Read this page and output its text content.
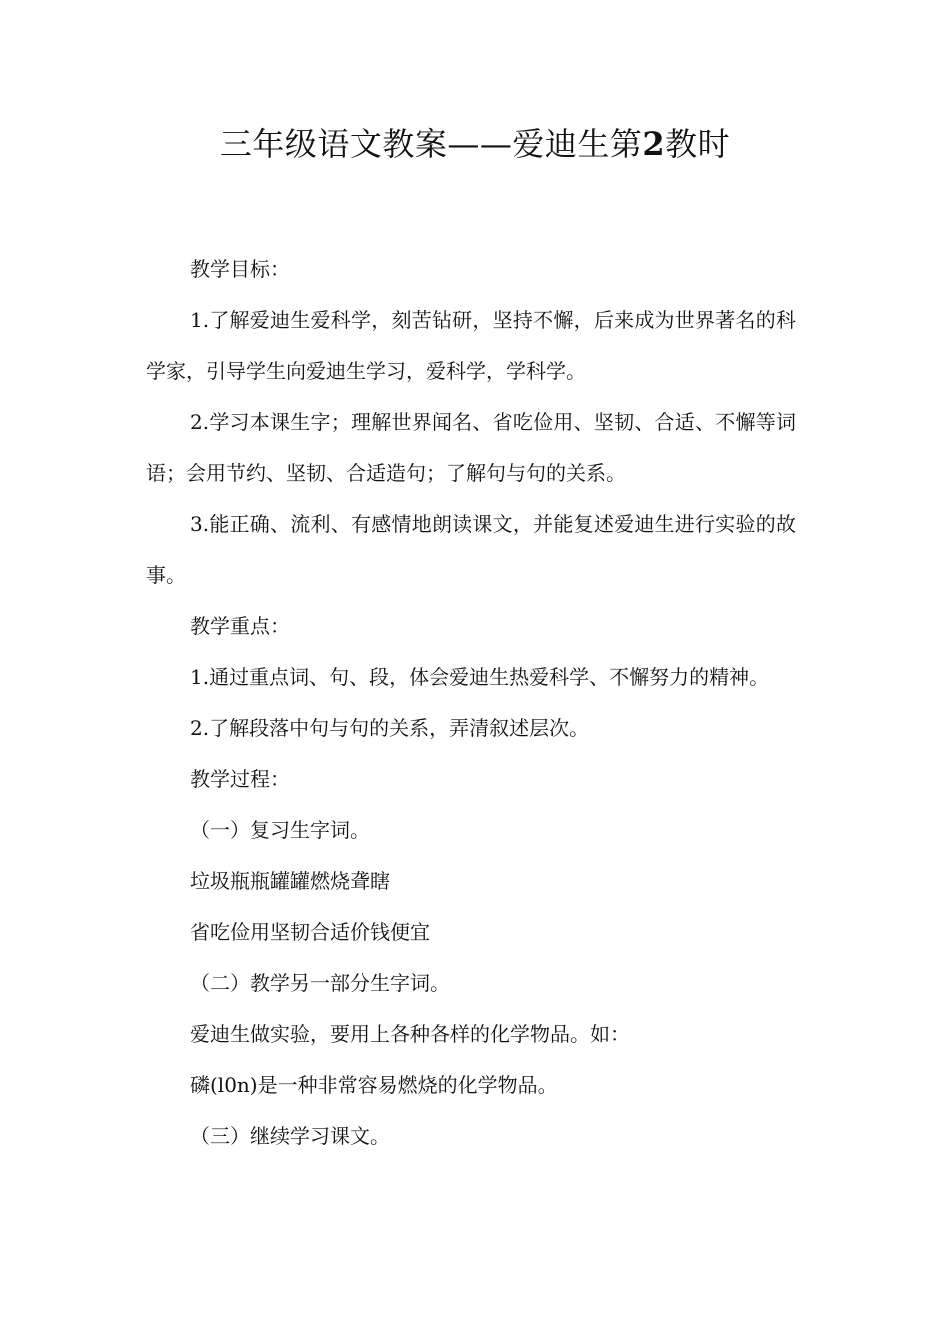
三年级语文教案——爱迪生第2教时

教学目标：

1.了解爱迪生爱科学，刻苦钻研，坚持不懈，后来成为世界著名的科学家，引导学生向爱迪生学习，爱科学，学科学。

2.学习本课生字；理解世界闻名、省吃俭用、坚韧、合适、不懈等词语；会用节约、坚韧、合适造句；了解句与句的关系。

3.能正确、流利、有感情地朗读课文，并能复述爱迪生进行实验的故事。

教学重点：

1.通过重点词、句、段，体会爱迪生热爱科学、不懈努力的精神。

2.了解段落中句与句的关系，弄清叙述层次。

教学过程：

（一）复习生字词。

垃圾瓶瓶罐罐燃烧聋瞎

省吃俭用坚韧合适价钱便宜

（二）教学另一部分生字词。

爱迪生做实验，要用上各种各样的化学物品。如：

磷(l0n)是一种非常容易燃烧的化学物品。

（三）继续学习课文。
